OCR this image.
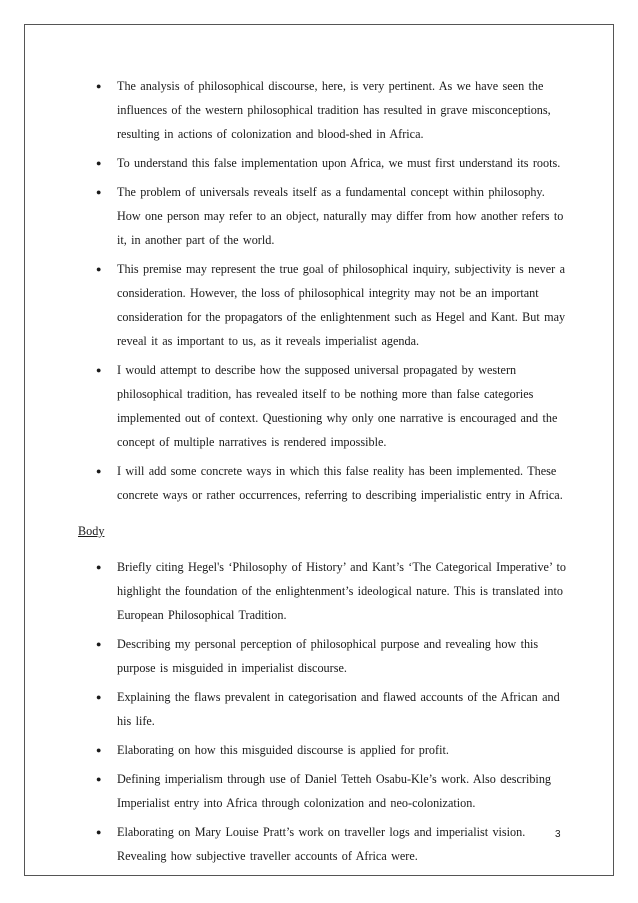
● The analysis of philosophical discourse, here, is very pertinent. As we have seen the influences of the western philosophical tradition has resulted in grave misconceptions, resulting in actions of colonization and blood-shed in Africa.
● To understand this false implementation upon Africa, we must first understand its roots.
● The problem of universals reveals itself as a fundamental concept within philosophy. How one person may refer to an object, naturally may differ from how another refers to it, in another part of the world.
● This premise may represent the true goal of philosophical inquiry, subjectivity is never a consideration. However, the loss of philosophical integrity may not be an important consideration for the propagators of the enlightenment such as Hegel and Kant. But may reveal it as important to us, as it reveals imperialist agenda.
● I would attempt to describe how the supposed universal propagated by western philosophical tradition, has revealed itself to be nothing more than false categories implemented out of context. Questioning why only one narrative is encouraged and the concept of multiple narratives is rendered impossible.
● I will add some concrete ways in which this false reality has been implemented. These concrete ways or rather occurrences, referring to describing imperialistic entry in Africa.
Body
● Briefly citing Hegel's ‘Philosophy of History’ and Kant’s ‘The Categorical Imperative’ to highlight the foundation of the enlightenment’s ideological nature. This is translated into European Philosophical Tradition.
● Describing my personal perception of philosophical purpose and revealing how this purpose is misguided in imperialist discourse.
● Explaining the flaws prevalent in categorisation and flawed accounts of the African and his life.
● Elaborating on how this misguided discourse is applied for profit.
● Defining imperialism through use of Daniel Tetteh Osabu-Kle’s work. Also describing Imperialist entry into Africa through colonization and neo-colonization.
● Elaborating on Mary Louise Pratt’s work on traveller logs and imperialist vision. Revealing how subjective traveller accounts of Africa were.
3
